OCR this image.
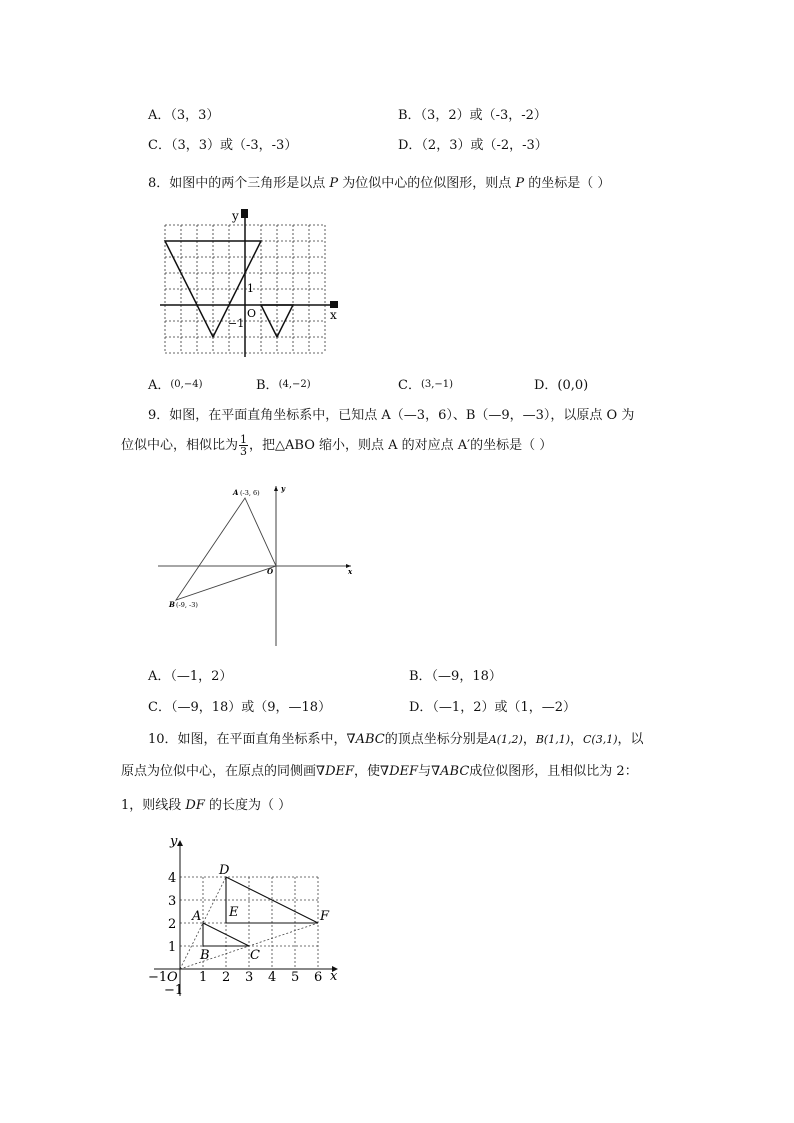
A．（3，3）	B．（3，2）或（-3，-2）
C．（3，3）或（-3，-3）	D．（2，3）或（-2，-3）
8．如图中的两个三角形是以点 P 为位似中心的位似图形，则点 P 的坐标是（ ）
y
x
1
O
−1
A．(0,−4)	B．(4,−2)	C．(3,−1)	D．(0,0)
9．如图，在平面直角坐标系中，已知点 A（—3，6）、B（—9，—3），以原点 O 为
位似中心，相似比为 $\frac{1}{3}$ ，把△ABO 缩小，则点 A 的对应点 A′的坐标是（ ）
A (-3, 6)
B (-9, -3)
O	x
y
A．（—1，2）	B．（—9，18）
C．（—9，18）或（9，—18）	D．（—1，2）或（1，—2）
10．如图，在平面直角坐标系中，∇ABC的顶点坐标分别是A(1,2)，B(1,1)，C(3,1)，以
原点为位似中心，在原点的同侧画∇DEF，使∇DEF与∇ABC成位似图形，且相似比为 2：
1，则线段 DF 的长度为（ ）
y
x
O
−1
−1
1 2 3 4 5 6
1
2
3
4
A
B	C
D
E	F
